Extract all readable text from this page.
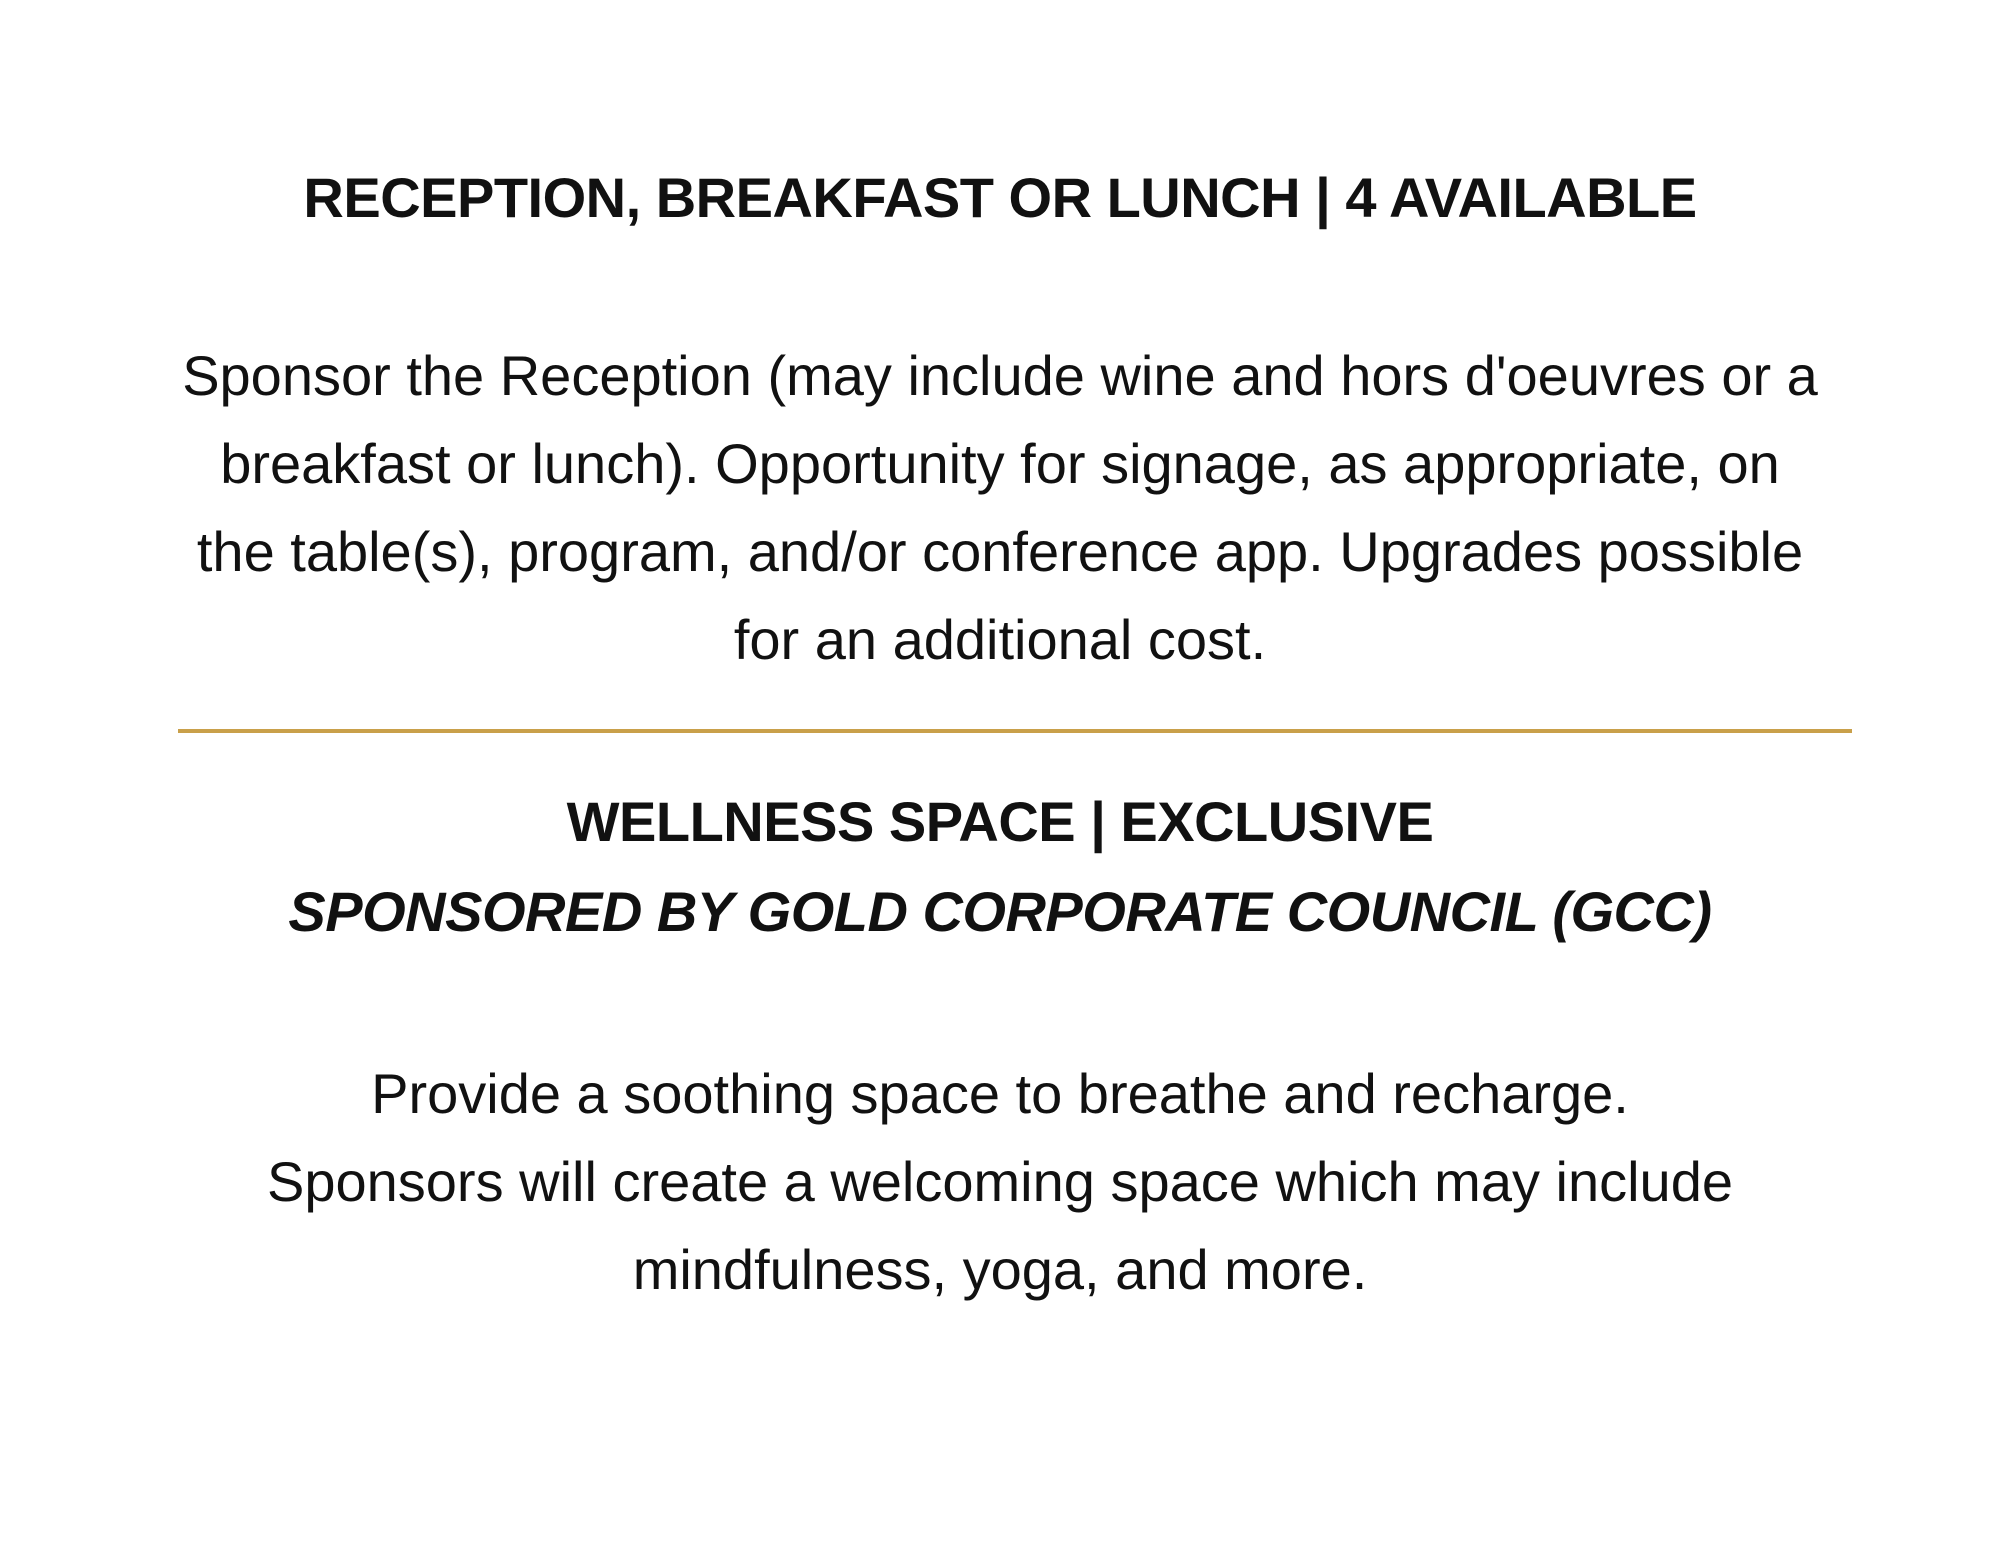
RECEPTION, BREAKFAST OR LUNCH | 4 AVAILABLE

Sponsor the Reception (may include wine and hors d'oeuvres or a
breakfast or lunch). Opportunity for signage, as appropriate, on
the table(s), program, and/or conference app. Upgrades possible
for an additional cost.

WELLNESS SPACE | EXCLUSIVE
SPONSORED BY GOLD CORPORATE COUNCIL (GCC)

Provide a soothing space to breathe and recharge.
Sponsors will create a welcoming space which may include
mindfulness, yoga, and more.
